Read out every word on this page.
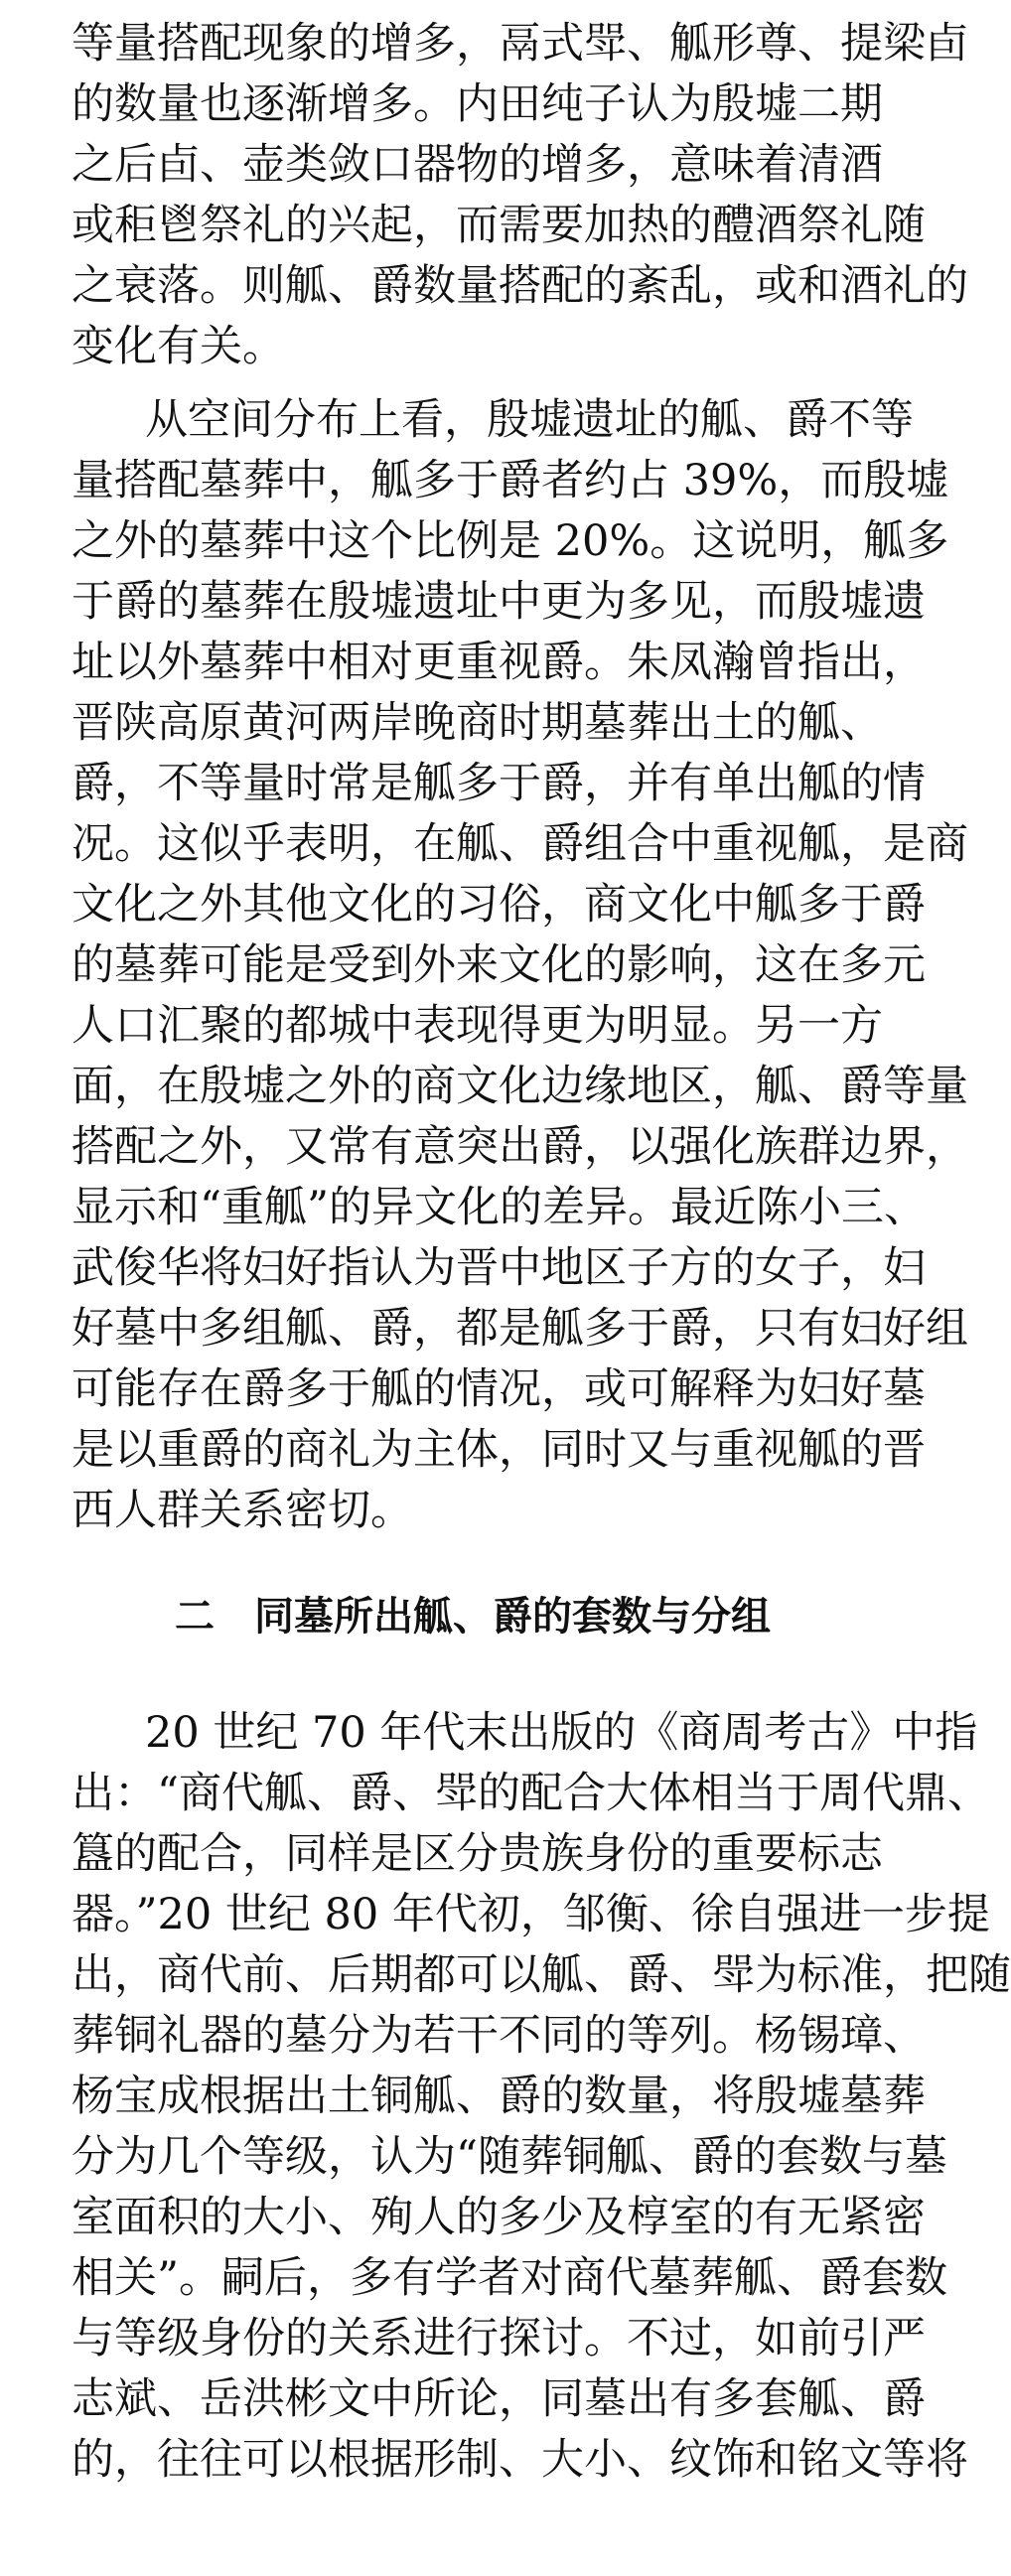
等量搭配现象的增多，鬲式斝、觚形尊、提梁卣
的数量也逐渐增多。内田纯子认为殷墟二期
之后卣、壶类敛口器物的增多，意味着清酒
或秬鬯祭礼的兴起，而需要加热的醴酒祭礼随
之衰落。则觚、爵数量搭配的紊乱，或和酒礼的
变化有关。
从空间分布上看，殷墟遗址的觚、爵不等
量搭配墓葬中，觚多于爵者约占 39%，而殷墟
之外的墓葬中这个比例是 20%。这说明，觚多
于爵的墓葬在殷墟遗址中更为多见，而殷墟遗
址以外墓葬中相对更重视爵。朱凤瀚曾指出，
晋陕高原黄河两岸晚商时期墓葬出土的觚、
爵，不等量时常是觚多于爵，并有单出觚的情
况。这似乎表明，在觚、爵组合中重视觚，是商
文化之外其他文化的习俗，商文化中觚多于爵
的墓葬可能是受到外来文化的影响，这在多元
人口汇聚的都城中表现得更为明显。另一方
面，在殷墟之外的商文化边缘地区，觚、爵等量
搭配之外，又常有意突出爵，以强化族群边界，
显示和“重觚”的异文化的差异。最近陈小三、
武俊华将妇好指认为晋中地区子方的女子，妇
好墓中多组觚、爵，都是觚多于爵，只有妇好组
可能存在爵多于觚的情况，或可解释为妇好墓
是以重爵的商礼为主体，同时又与重视觚的晋
西人群关系密切。
二 同墓所出觚、爵的套数与分组
20 世纪 70 年代末出版的《商周考古》中指
出：“商代觚、爵、斝的配合大体相当于周代鼎、
簋的配合，同样是区分贵族身份的重要标志
器。”20 世纪 80 年代初，邹衡、徐自强进一步提
出，商代前、后期都可以觚、爵、斝为标准，把随
葬铜礼器的墓分为若干不同的等列。杨锡璋、
杨宝成根据出土铜觚、爵的数量，将殷墟墓葬
分为几个等级，认为“随葬铜觚、爵的套数与墓
室面积的大小、殉人的多少及椁室的有无紧密
相关”。嗣后，多有学者对商代墓葬觚、爵套数
与等级身份的关系进行探讨。不过，如前引严
志斌、岳洪彬文中所论，同墓出有多套觚、爵
的，往往可以根据形制、大小、纹饰和铭文等将
